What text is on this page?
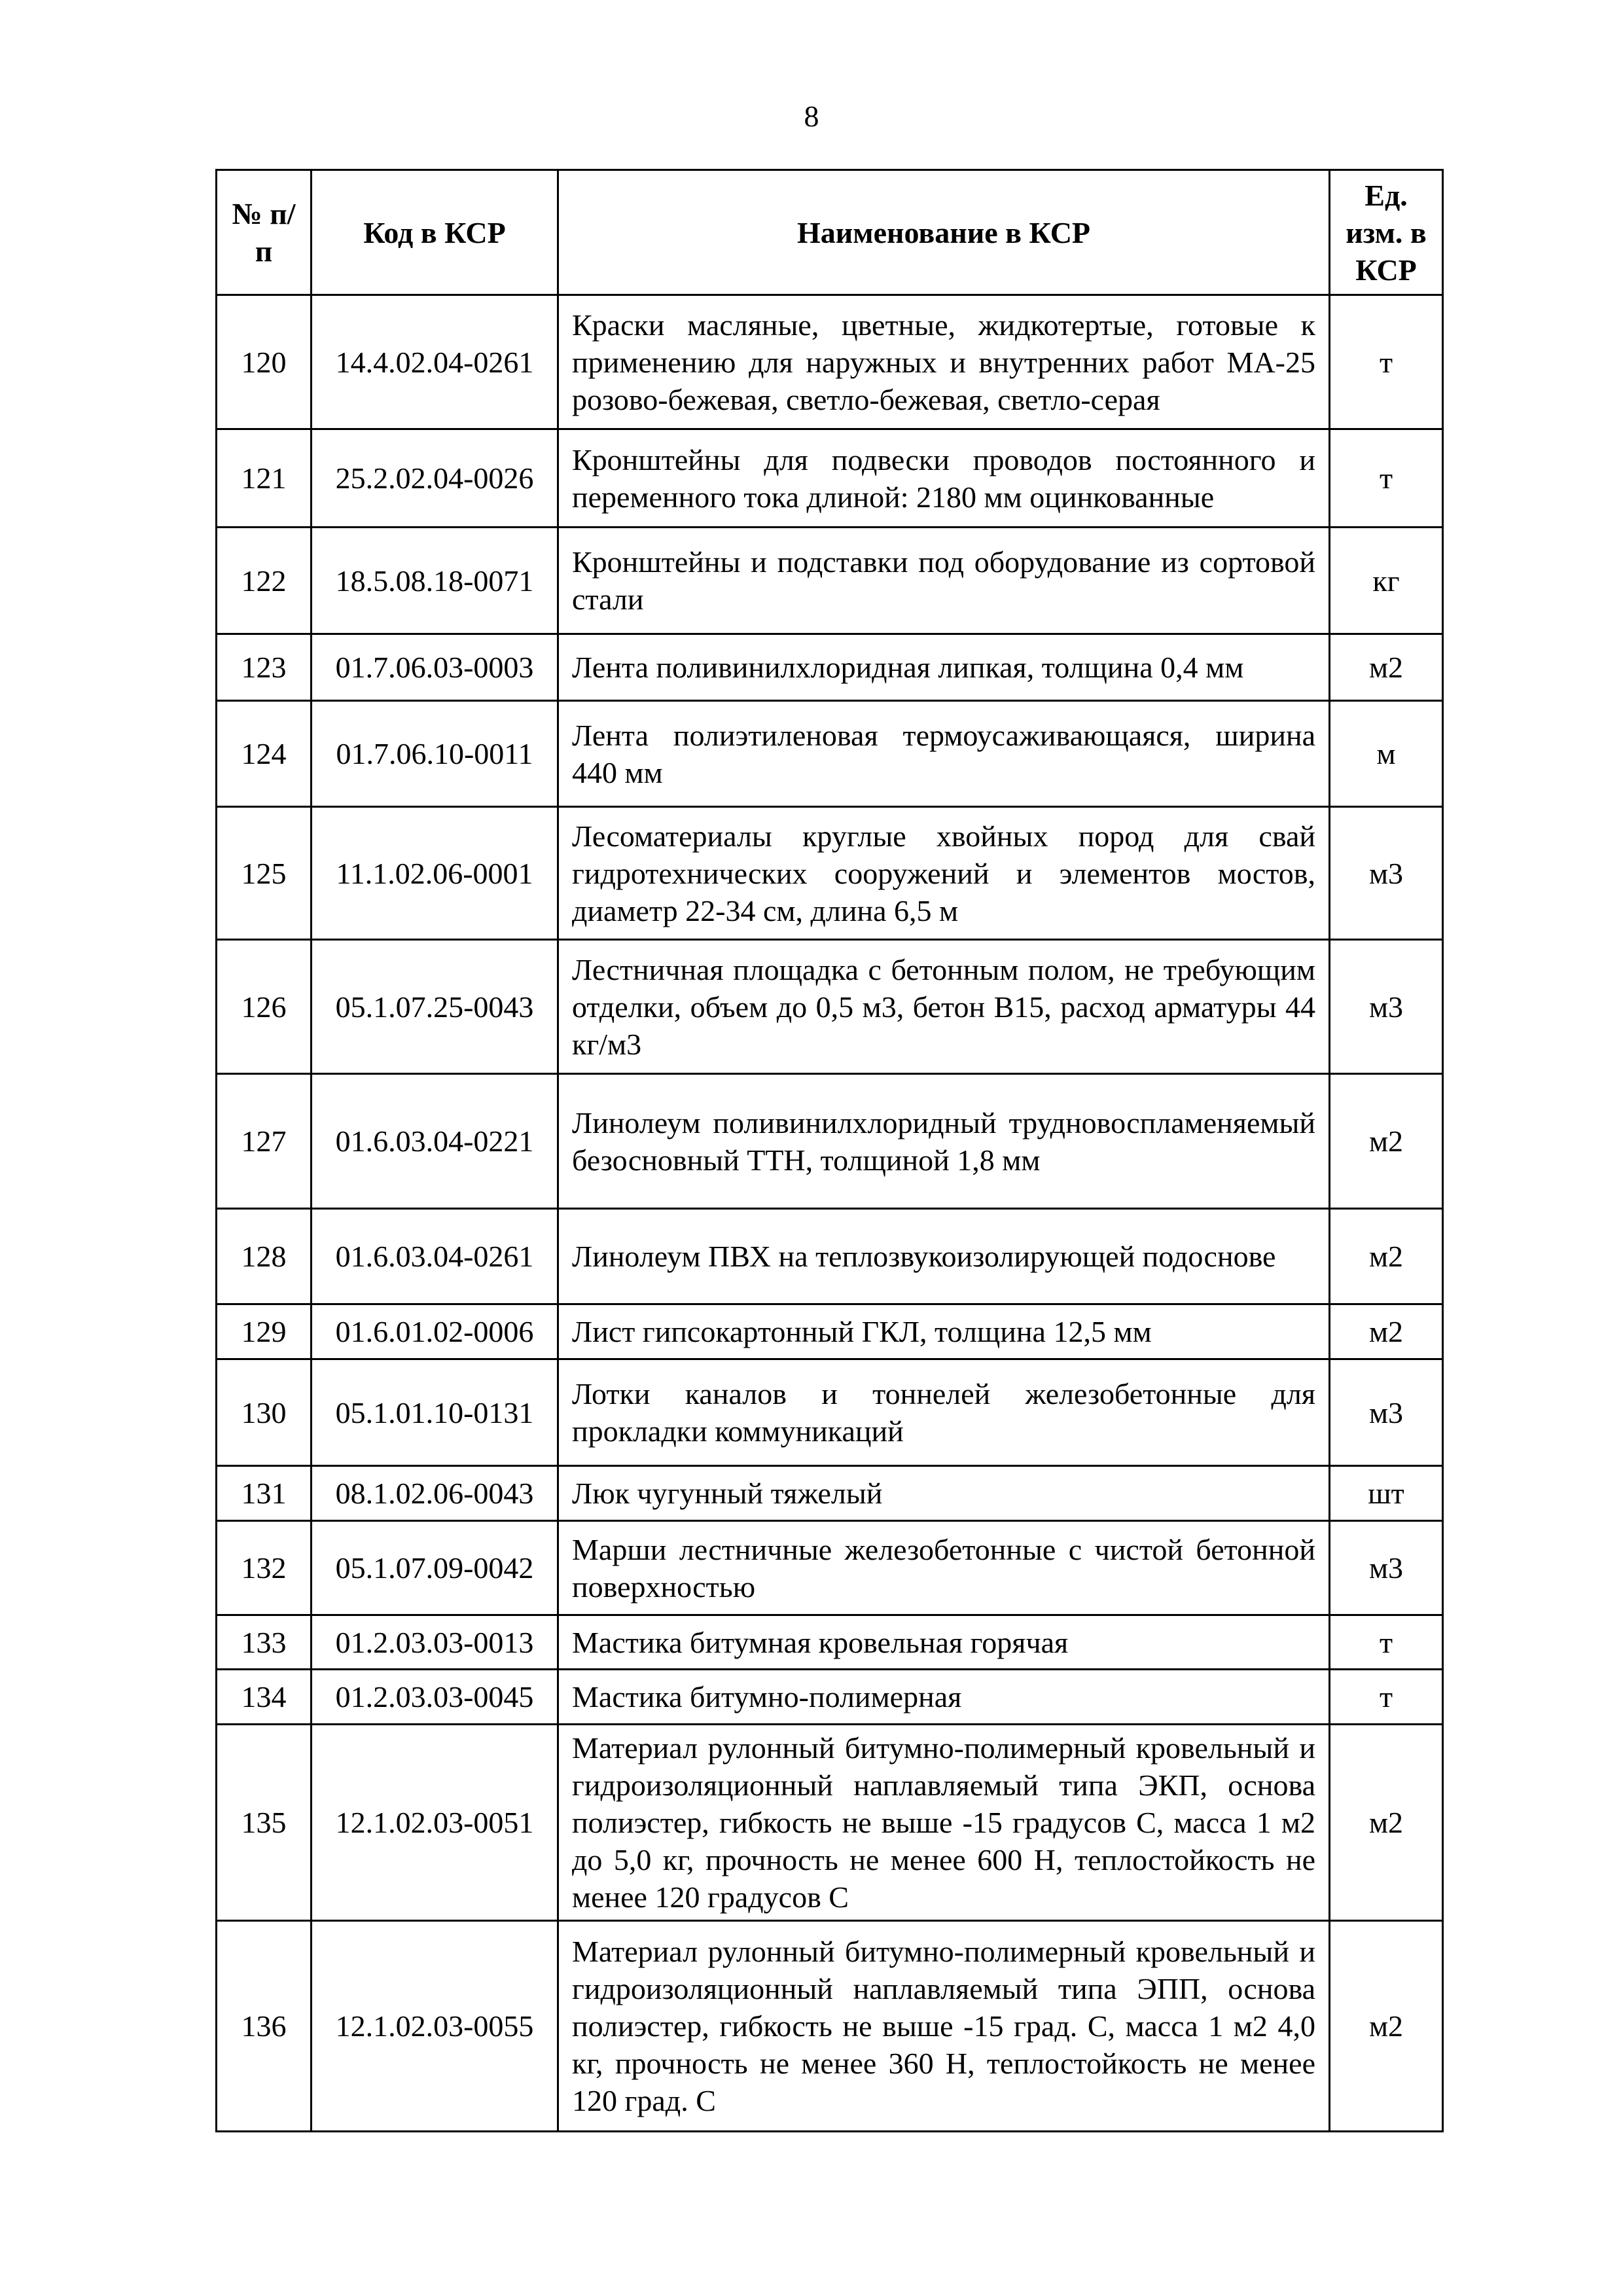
8
№ п/п	Код в КСР	Наименование в КСР	Ед. изм. в КСР
120	14.4.02.04-0261	Краски масляные, цветные, жидкотертые, готовые к применению для наружных и внутренних работ МА-25 розово-бежевая, светло-бежевая, светло-серая	т
121	25.2.02.04-0026	Кронштейны для подвески проводов постоянного и переменного тока длиной: 2180 мм оцинкованные	т
122	18.5.08.18-0071	Кронштейны и подставки под оборудование из сортовой стали	кг
123	01.7.06.03-0003	Лента поливинилхлоридная липкая, толщина 0,4 мм	м2
124	01.7.06.10-0011	Лента полиэтиленовая термоусаживающаяся, ширина 440 мм	м
125	11.1.02.06-0001	Лесоматериалы круглые хвойных пород для свай гидротехнических сооружений и элементов мостов, диаметр 22-34 см, длина 6,5 м	м3
126	05.1.07.25-0043	Лестничная площадка с бетонным полом, не требующим отделки, объем до 0,5 м3, бетон В15, расход арматуры 44 кг/м3	м3
127	01.6.03.04-0221	Линолеум поливинилхлоридный трудновоспламеняемый безосновный ТТН, толщиной 1,8 мм	м2
128	01.6.03.04-0261	Линолеум ПВХ на теплозвукоизолирующей подоснове	м2
129	01.6.01.02-0006	Лист гипсокартонный ГКЛ, толщина 12,5 мм	м2
130	05.1.01.10-0131	Лотки каналов и тоннелей железобетонные для прокладки коммуникаций	м3
131	08.1.02.06-0043	Люк чугунный тяжелый	шт
132	05.1.07.09-0042	Марши лестничные железобетонные с чистой бетонной поверхностью	м3
133	01.2.03.03-0013	Мастика битумная кровельная горячая	т
134	01.2.03.03-0045	Мастика битумно-полимерная	т
135	12.1.02.03-0051	Материал рулонный битумно-полимерный кровельный и гидроизоляционный наплавляемый типа ЭКП, основа полиэстер, гибкость не выше -15 градусов С, масса 1 м2 до 5,0 кг, прочность не менее 600 Н, теплостойкость не менее 120 градусов С	м2
136	12.1.02.03-0055	Материал рулонный битумно-полимерный кровельный и гидроизоляционный наплавляемый типа ЭПП, основа полиэстер, гибкость не выше -15 град. С, масса 1 м2 4,0 кг, прочность не менее 360 Н, теплостойкость не менее 120 град. С	м2
